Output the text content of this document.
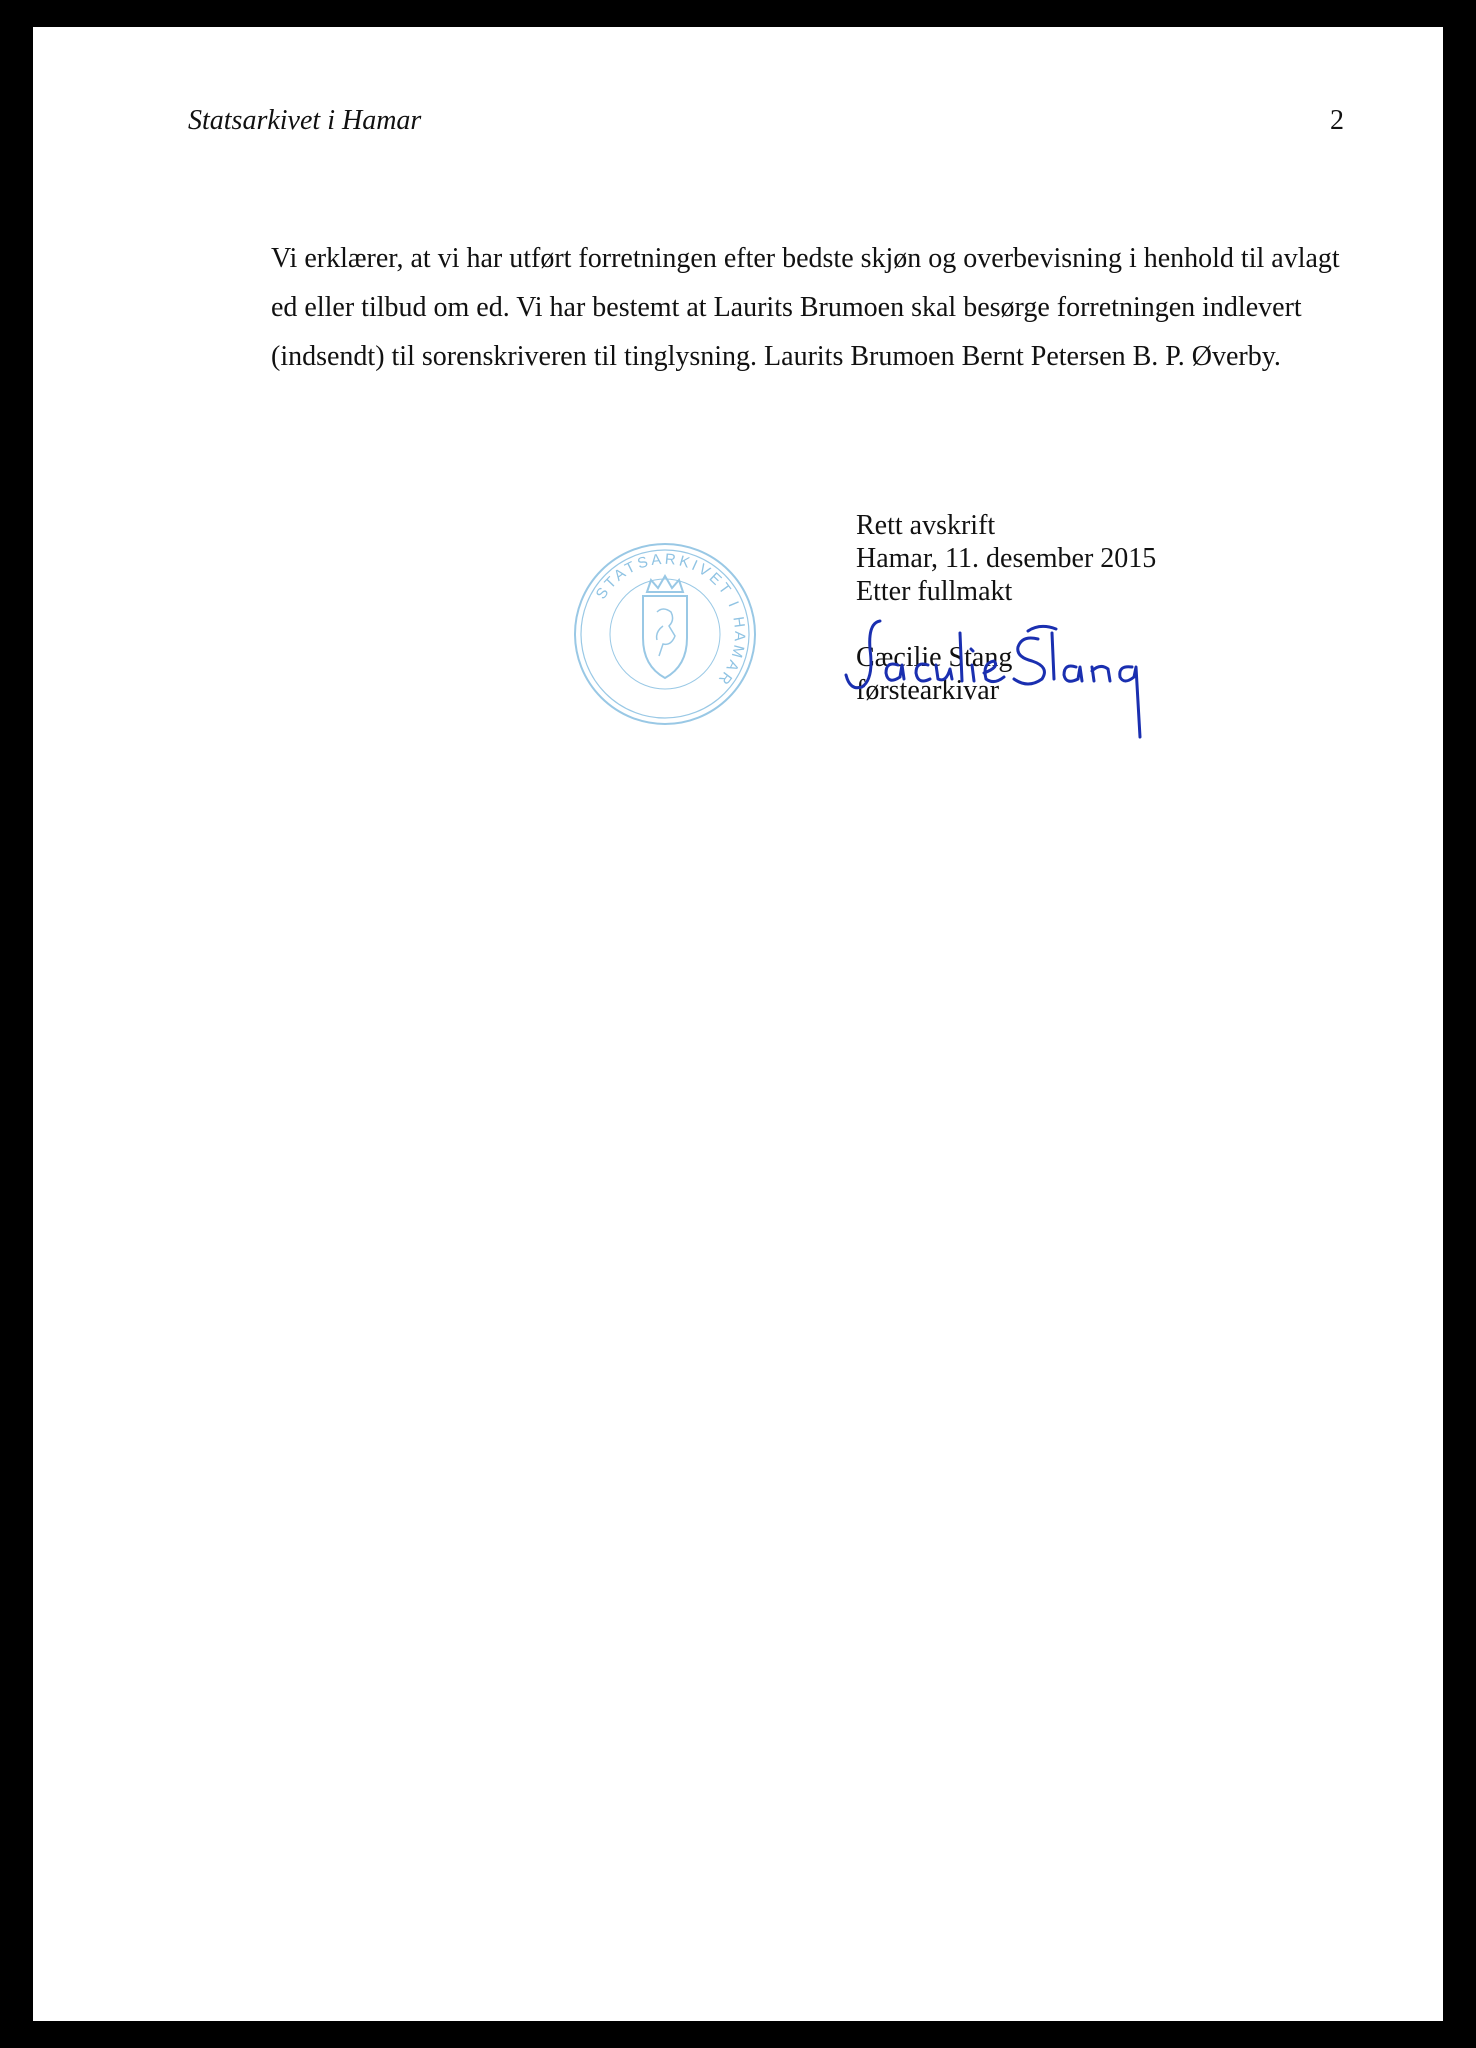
Statsarkivet i Hamar	2

Vi erklærer, at vi har utført forretningen efter bedste skjøn og overbevisning i henhold til avlagt ed eller tilbud om ed. Vi har bestemt at Laurits Brumoen skal besørge forretningen indlevert (indsendt) til sorenskriveren til tinglysning. Laurits Brumoen Bernt Petersen B. P. Øverby.

STATSARKIVET I HAMAR
Rett avskrift
Hamar, 11. desember 2015
Etter fullmakt
Cæcilie Stang
førstearkivar
